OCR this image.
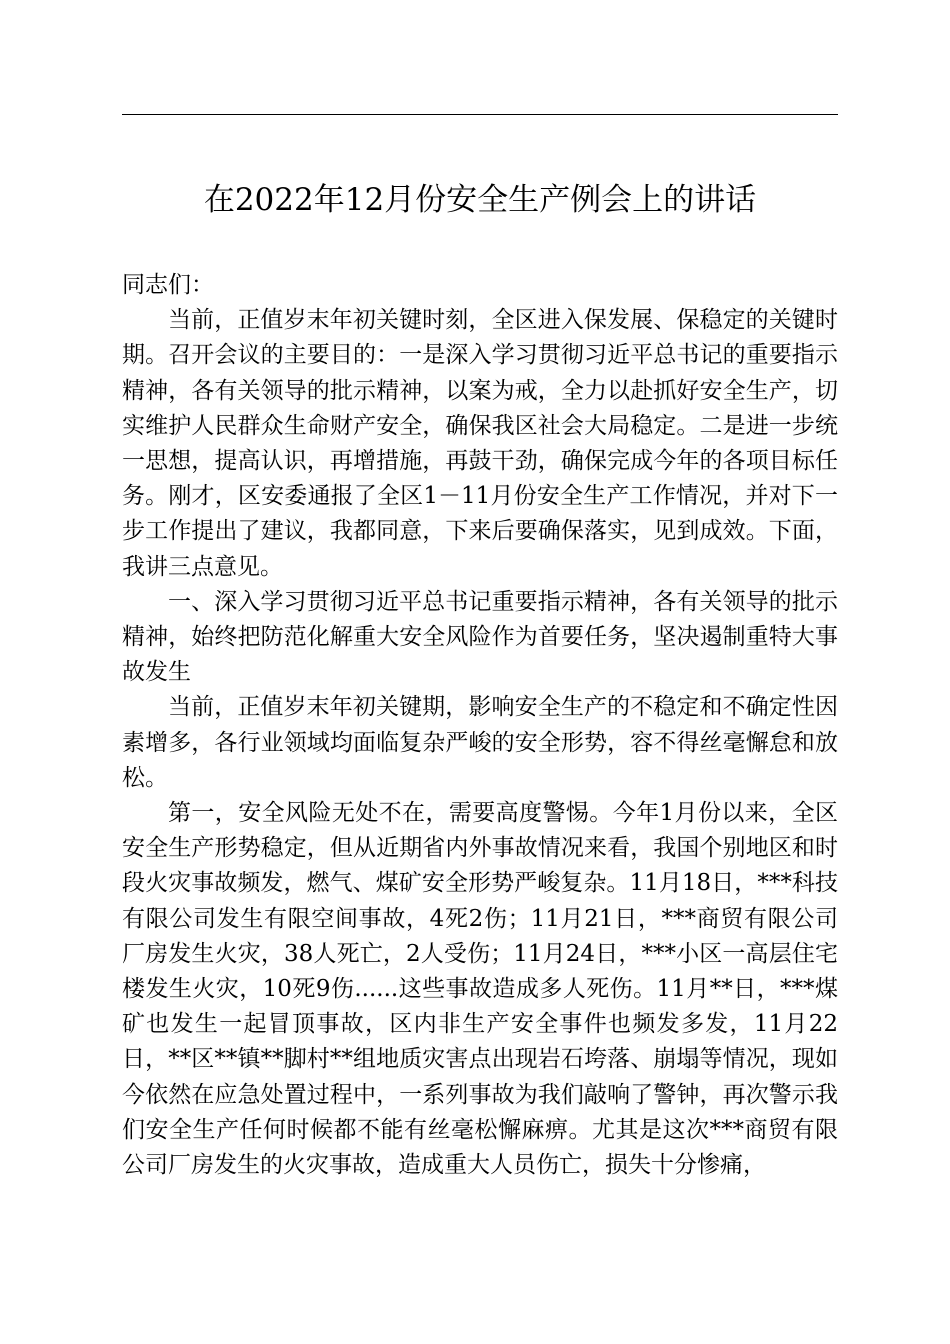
在2022年12月份安全生产例会上的讲话

同志们：

当前，正值岁末年初关键时刻，全区进入保发展、保稳定的关键时期。召开会议的主要目的：一是深入学习贯彻习近平总书记的重要指示精神，各有关领导的批示精神，以案为戒，全力以赴抓好安全生产，切实维护人民群众生命财产安全，确保我区社会大局稳定。二是进一步统一思想，提高认识，再增措施，再鼓干劲，确保完成今年的各项目标任务。刚才，区安委通报了全区1－11月份安全生产工作情况，并对下一步工作提出了建议，我都同意，下来后要确保落实，见到成效。下面，我讲三点意见。

一、深入学习贯彻习近平总书记重要指示精神，各有关领导的批示精神，始终把防范化解重大安全风险作为首要任务，坚决遏制重特大事故发生

当前，正值岁末年初关键期，影响安全生产的不稳定和不确定性因素增多，各行业领域均面临复杂严峻的安全形势，容不得丝毫懈怠和放松。

第一，安全风险无处不在，需要高度警惕。今年1月份以来，全区安全生产形势稳定，但从近期省内外事故情况来看，我国个别地区和时段火灾事故频发，燃气、煤矿安全形势严峻复杂。11月18日，***科技有限公司发生有限空间事故，4死2伤；11月21日，***商贸有限公司厂房发生火灾，38人死亡，2人受伤；11月24日，***小区一高层住宅楼发生火灾，10死9伤......这些事故造成多人死伤。11月**日，***煤矿也发生一起冒顶事故，区内非生产安全事件也频发多发，11月22日，**区**镇**脚村**组地质灾害点出现岩石垮落、崩塌等情况，现如今依然在应急处置过程中，一系列事故为我们敲响了警钟，再次警示我们安全生产任何时候都不能有丝毫松懈麻痹。尤其是这次***商贸有限公司厂房发生的火灾事故，造成重大人员伤亡，损失十分惨痛，
